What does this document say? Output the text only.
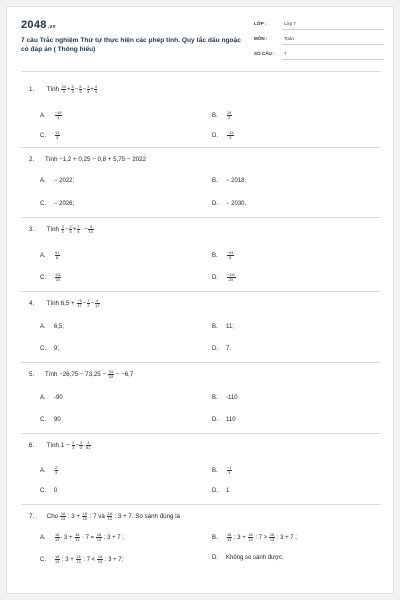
2048.vn
7 câu Trắc nghiệm Thứ tự thực hiện các phép tính. Quy tắc dấu ngoặc có đáp án ( Thông hiểu)
LỚP :	Lớp 7
MÔN :	Toán
SỐ CÂU : 7
1. Tính $\frac{20}{3} + \frac{5}{3} - \frac{5}{3} - \frac{1}{3} + \frac{4}{3}$
A. $\frac{-19}{3}$	B. $\frac{19}{3}$
C. $\frac{13}{3}$	D. $\frac{-13}{3}$
2. Tính −1,2 + 0,25 − 0,8 + 5,75 − 2022
A. − 2022;	B. − 2018;
C. − 2026;	D. − 2030.
3. Tính $\frac{3}{2} - \frac{2}{5} + \frac{7}{4}$ · − $\frac{3}{10}$
A. $\frac{91}{8}$	B. $\frac{-91}{8}$
C. $\frac{111}{20}$	D. $\frac{-111}{20}$
4. Tính $6,5 + \frac{-5}{17} - \frac{7}{2} - \frac{4}{17}$
A. 6,5;	B. 11;
C. 9;	D. 7.
5. Tính $-26,75 - 73,25 - \frac{33}{33} - -6,7$
A. -90	B. -110
C. 90	D. 110
6. Tính $1 - \frac{2}{3} - \frac{2}{3} \cdot \frac{4}{81}$
A. $\frac{2}{3}$	B. $\frac{-1}{3}$
C. 0	D. 1
7. Cho $\frac{18}{13}$ : $3 + \frac{18}{13}$ : 7 và $\frac{18}{13}$ : 3 + 7. So sánh đúng là
A. $\frac{18}{13} \cdot 3 + \frac{18}{13} \cdot 7 = \frac{18}{13}$ : 3 + 7 ;	B. $\frac{18}{13}$ : $3 + \frac{18}{13}$ : $7 > \frac{18}{13}$ : 3 + 7 ;
C. $\frac{18}{13}$ : $3 + \frac{18}{13}$ : $7 < \frac{18}{13}$ : 3 + 7;	D. Không so sánh được.
